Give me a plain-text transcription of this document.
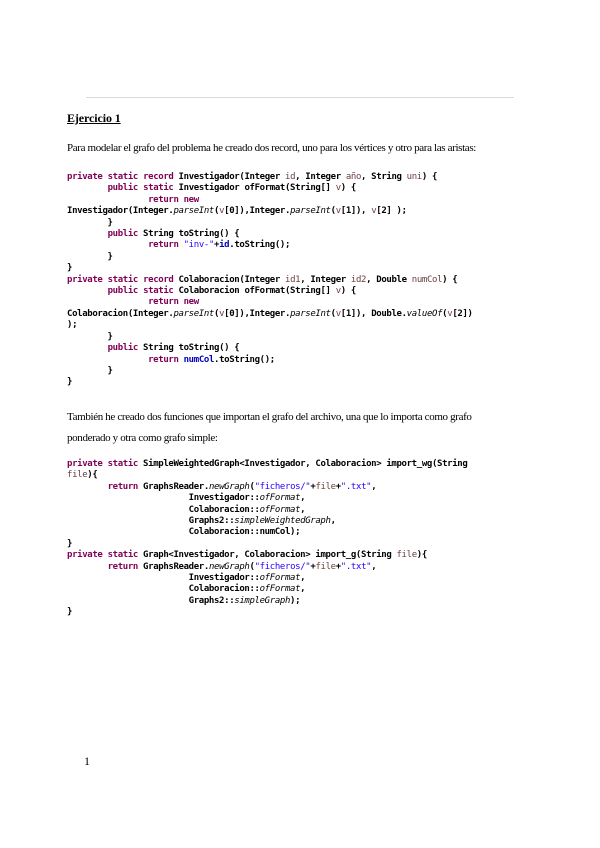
Ejercicio 1
Para modelar el grafo del problema he creado dos record, uno para los vértices y otro para las aristas:
private static record Investigador(Integer id, Integer año, String uni) {
public static Investigador ofFormat(String[] v) {
return new
Investigador(Integer.parseInt(v[0]),Integer.parseInt(v[1]), v[2] );
}
public String toString() {
return "inv-"+id.toString();
}
}
private static record Colaboracion(Integer id1, Integer id2, Double numCol) {
public static Colaboracion ofFormat(String[] v) {
return new
Colaboracion(Integer.parseInt(v[0]),Integer.parseInt(v[1]), Double.valueOf(v[2])
);
}
public String toString() {
return numCol.toString();
}
}
También he creado dos funciones que importan el grafo del archivo, una que lo importa como grafo
ponderado y otra como grafo simple:
private static SimpleWeightedGraph<Investigador, Colaboracion> import_wg(String
file){
return GraphsReader.newGraph("ficheros/"+file+".txt",
Investigador::ofFormat,
Colaboracion::ofFormat,
Graphs2::simpleWeightedGraph,
Colaboracion::numCol);
}
private static Graph<Investigador, Colaboracion> import_g(String file){
return GraphsReader.newGraph("ficheros/"+file+".txt",
Investigador::ofFormat,
Colaboracion::ofFormat,
Graphs2::simpleGraph);
}
1
